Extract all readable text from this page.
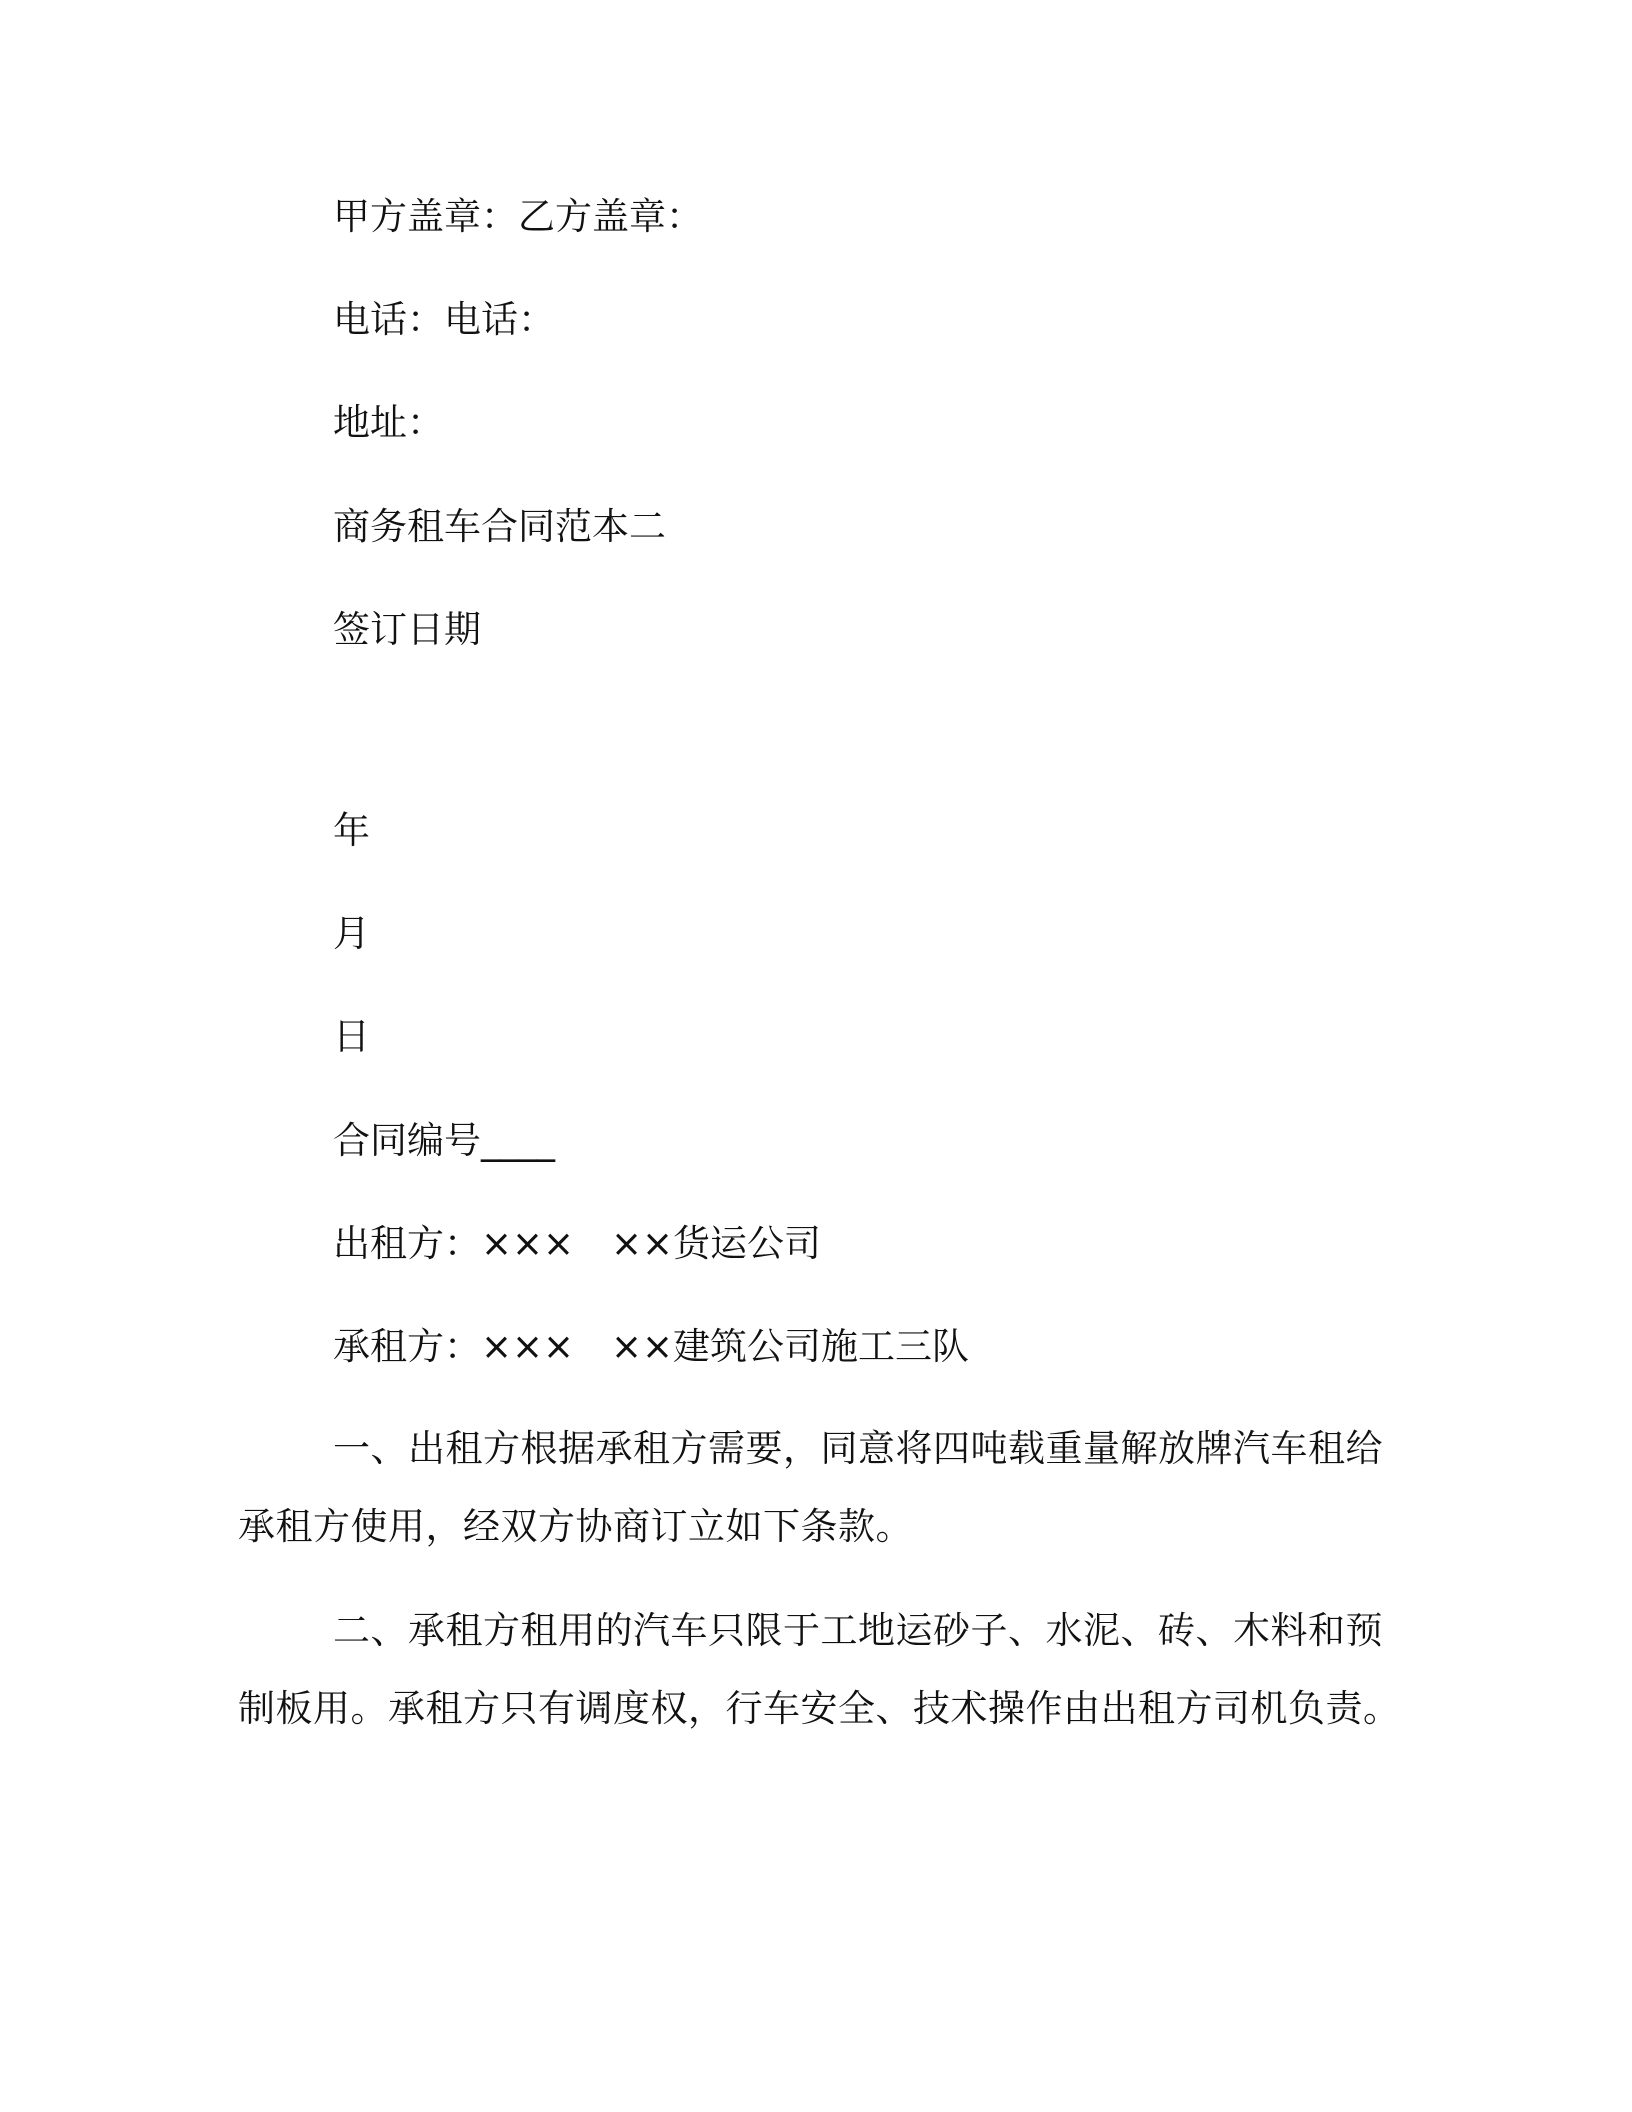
甲方盖章：乙方盖章：

电话：电话：

地址：

商务租车合同范本二

签订日期

年

月

日

合同编号____

出租方：×××　××货运公司

承租方：×××　××建筑公司施工三队

一、出租方根据承租方需要，同意将四吨载重量解放牌汽车租给
承租方使用，经双方协商订立如下条款。
二、承租方租用的汽车只限于工地运砂子、水泥、砖、木料和预
制板用。承租方只有调度权，行车安全、技术操作由出租方司机负责。
